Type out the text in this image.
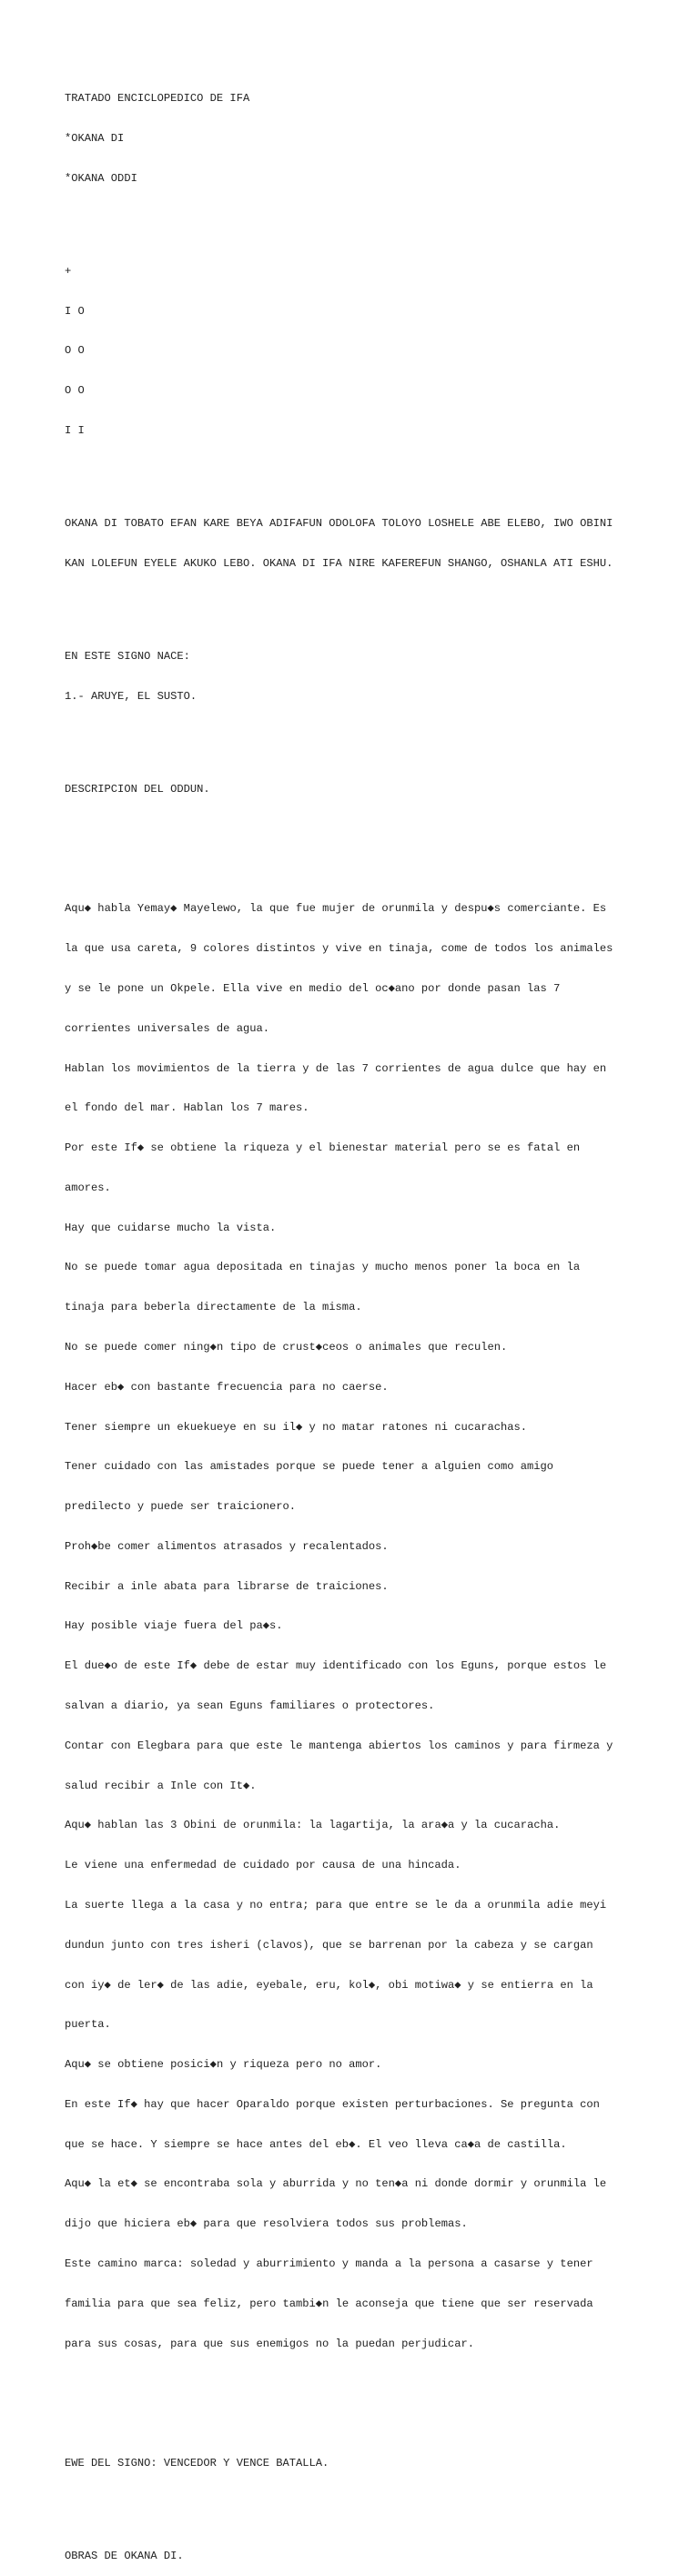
TRATADO ENCICLOPEDICO DE IFA

*OKANA DI

*OKANA ODDI

+

I O

O O

O O

I I

OKANA DI TOBATO EFAN KARE BEYA ADIFAFUN ODOLOFA TOLOYO LOSHELE ABE ELEBO, IWO OBINI

KAN LOLEFUN EYELE AKUKO LEBO. OKANA DI IFA NIRE KAFEREFUN SHANGO, OSHANLA ATI ESHU.

EN ESTE SIGNO NACE:

1.- ARUYE, EL SUSTO.

DESCRIPCION DEL ODDUN.

Aqu◆ habla Yemay◆ Mayelewo, la que fue mujer de orunmila y despu◆s comerciante. Es

la que usa careta, 9 colores distintos y vive en tinaja, come de todos los animales

y se le pone un Okpele. Ella vive en medio del oc◆ano por donde pasan las 7

corrientes universales de agua.

Hablan los movimientos de la tierra y de las 7 corrientes de agua dulce que hay en

el fondo del mar. Hablan los 7 mares.

Por este If◆ se obtiene la riqueza y el bienestar material pero se es fatal en

amores.

Hay que cuidarse mucho la vista.

No se puede tomar agua depositada en tinajas y mucho menos poner la boca en la

tinaja para beberla directamente de la misma.

No se puede comer ning◆n tipo de crust◆ceos o animales que reculen.

Hacer eb◆ con bastante frecuencia para no caerse.

Tener siempre un ekuekueye en su il◆ y no matar ratones ni cucarachas.

Tener cuidado con las amistades porque se puede tener a alguien como amigo

predilecto y puede ser traicionero.

Proh◆be comer alimentos atrasados y recalentados.

Recibir a inle abata para librarse de traiciones.

Hay posible viaje fuera del pa◆s.

El due◆o de este If◆ debe de estar muy identificado con los Eguns, porque estos le

salvan a diario, ya sean Eguns familiares o protectores.

Contar con Elegbara para que este le mantenga abiertos los caminos y para firmeza y

salud recibir a Inle con It◆.

Aqu◆ hablan las 3 Obini de orunmila: la lagartija, la ara◆a y la cucaracha.

Le viene una enfermedad de cuidado por causa de una hincada.

La suerte llega a la casa y no entra; para que entre se le da a orunmila adie meyi

dundun junto con tres isheri (clavos), que se barrenan por la cabeza y se cargan

con iy◆ de ler◆ de las adie, eyebale, eru, kol◆, obi motiwa◆ y se entierra en la

puerta.

Aqu◆ se obtiene posici◆n y riqueza pero no amor.

En este If◆ hay que hacer Oparaldo porque existen perturbaciones. Se pregunta con

que se hace. Y siempre se hace antes del eb◆. El veo lleva ca◆a de castilla.

Aqu◆ la et◆ se encontraba sola y aburrida y no ten◆a ni donde dormir y orunmila le

dijo que hiciera eb◆ para que resolviera todos sus problemas.

Este camino marca: soledad y aburrimiento y manda a la persona a casarse y tener

familia para que sea feliz, pero tambi◆n le aconseja que tiene que ser reservada

para sus cosas, para que sus enemigos no la puedan perjudicar.

EWE DEL SIGNO: VENCEDOR Y VENCE BATALLA.

OBRAS DE OKANA DI.
